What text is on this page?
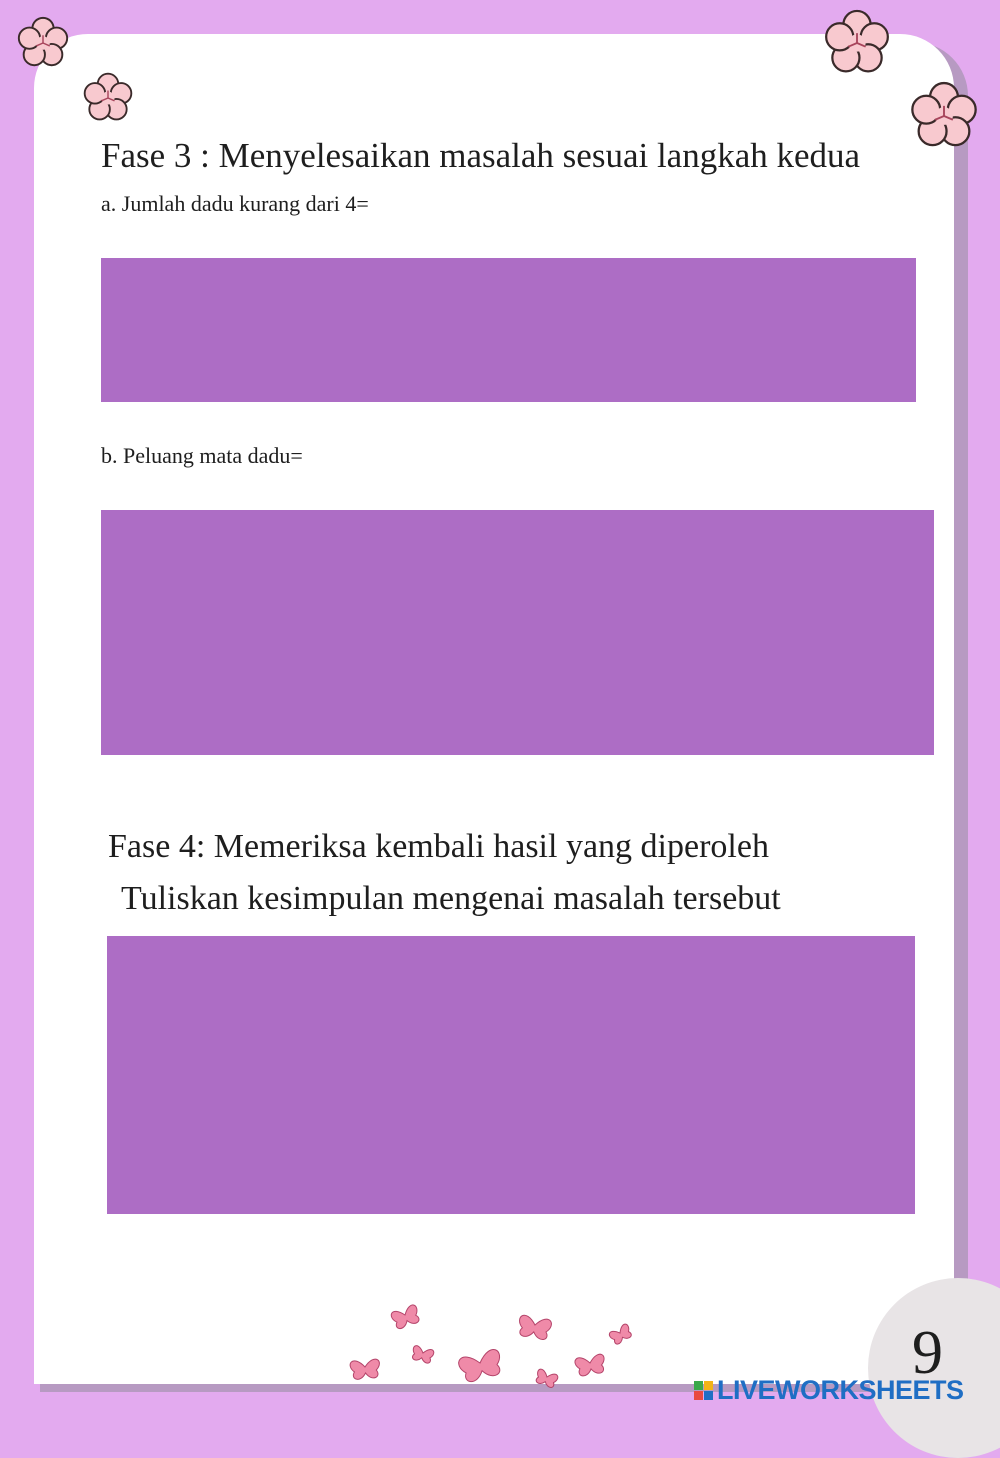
Fase 3 : Menyelesaikan masalah sesuai langkah kedua

a. Jumlah dadu kurang dari 4=

b. Peluang mata dadu=

Fase 4: Memeriksa kembali hasil yang diperoleh

Tuliskan kesimpulan mengenai masalah tersebut

9
LIVEWORKSHEETS
